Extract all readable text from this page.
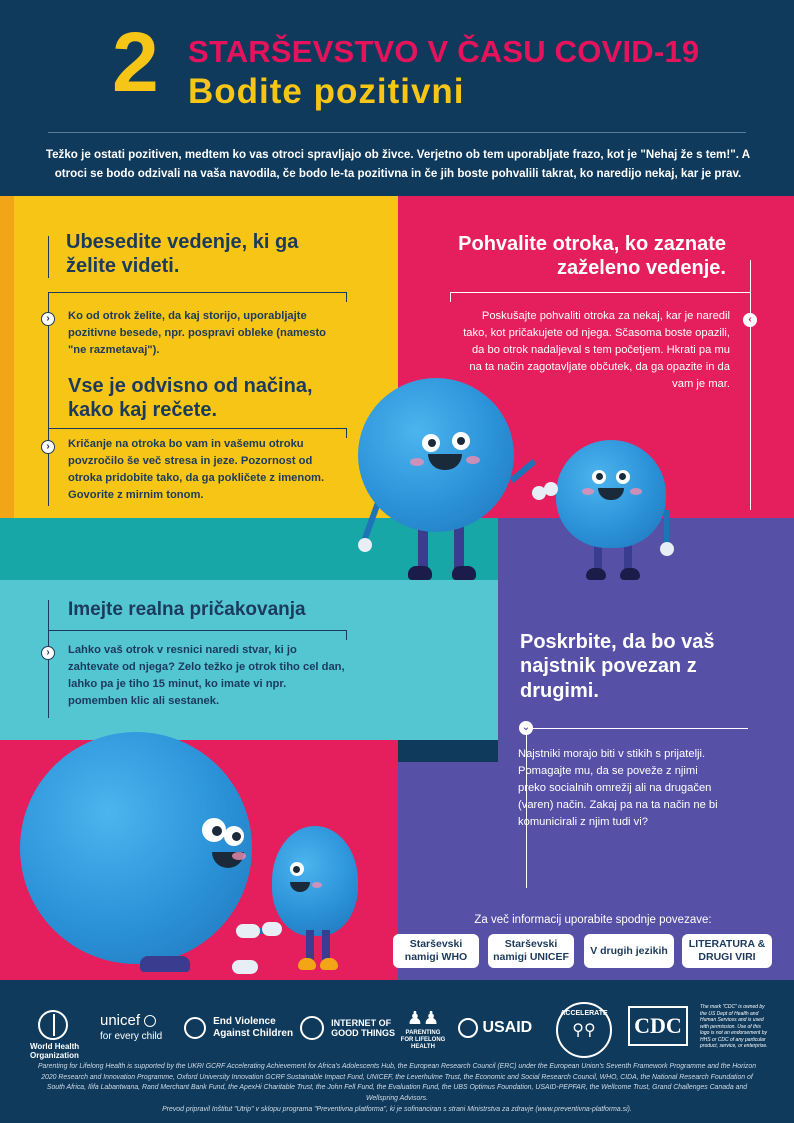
2 STARŠEVSTVO V ČASU COVID-19
Bodite pozitivni
Težko je ostati pozitiven, medtem ko vas otroci spravljajo ob živce. Verjetno ob tem uporabljate frazo, kot je "Nehaj že s tem!". A otroci se bodo odzivali na vaša navodila, če bodo le-ta pozitivna in če jih boste pohvalili takrat, ko naredijo nekaj, kar je prav.
Ubesedite vedenje, ki ga želite videti.
›	Ko od otrok želite, da kaj storijo, uporabljajte pozitivne besede, npr. pospravi obleke (namesto "ne razmetavaj").
Vse je odvisno od načina, kako kaj rečete.
›	Kričanje na otroka bo vam in vašemu otroku povzročilo še več stresa in jeze. Pozornost od otroka pridobite tako, da ga pokličete z imenom. Govorite z mirnim tonom.
Pohvalite otroka, ko zaznate zaželeno vedenje.
‹
Poskušajte pohvaliti otroka za nekaj, kar je naredil tako, kot pričakujete od njega. Sčasoma boste opazili, da bo otrok nadaljeval s tem početjem. Hkrati pa mu na ta način zagotavljate občutek, da ga opazite in da vam je mar.
Imejte realna pričakovanja
›	Lahko vaš otrok v resnici naredi stvar, ki jo zahtevate od njega? Zelo težko je otrok tiho cel dan, lahko pa je tiho 15 minut, ko imate vi npr. pomemben klic ali sestanek.
Poskrbite, da bo vaš najstnik povezan z drugimi.
⌄
Najstniki morajo biti v stikih s prijatelji. Pomagajte mu, da se poveže z njimi preko socialnih omrežij ali na drugačen (varen) način. Zakaj pa na ta način ne bi komunicirali z njim tudi vi?
Za več informacij uporabite spodnje povezave:
Starševski namigi WHO
Starševski namigi UNICEF
V drugih jezikih
LITERATURA & DRUGI VIRI
World Health Organization
unicef
for every child
End Violence Against Children
INTERNET OF GOOD THINGS
♟♟
PARENTING FOR LIFELONG HEALTH
USAID
ACCELERATE
⚲⚲	CDC
The mark "CDC" is owned by the US Dept of Health and Human Services and is used with permission. Use of this logo is not an endorsement by HHS or CDC of any particular product, service, or enterprise.
Parenting for Lifelong Health is supported by the UKRI GCRF Accelerating Achievement for Africa's Adolescents Hub, the European Research Council (ERC) under the European Union's Seventh Framework Programme and the Horizon 2020 Research and Innovation Programme, Oxford University Innovation GCRF Sustainable Impact Fund, UNICEF, the Leverhulme Trust, the Economic and Social Research Council, WHO, CIDA, the National Research Foundation of South Africa, Ilifa Labantwana, Rand Merchant Bank Fund, the ApexHi Charitable Trust, the John Fell Fund, the Evaluation Fund, the UBS Optimus Foundation, USAID-PEPFAR, the Wellcome Trust, Grand Challenges Canada and Wellspring Advisors.
Prevod pripravil Inštitut "Utrip" v sklopu programa "Preventivna platforma", ki je sofinanciran s strani Ministrstva za zdravje (www.preventivna-platforma.si).
